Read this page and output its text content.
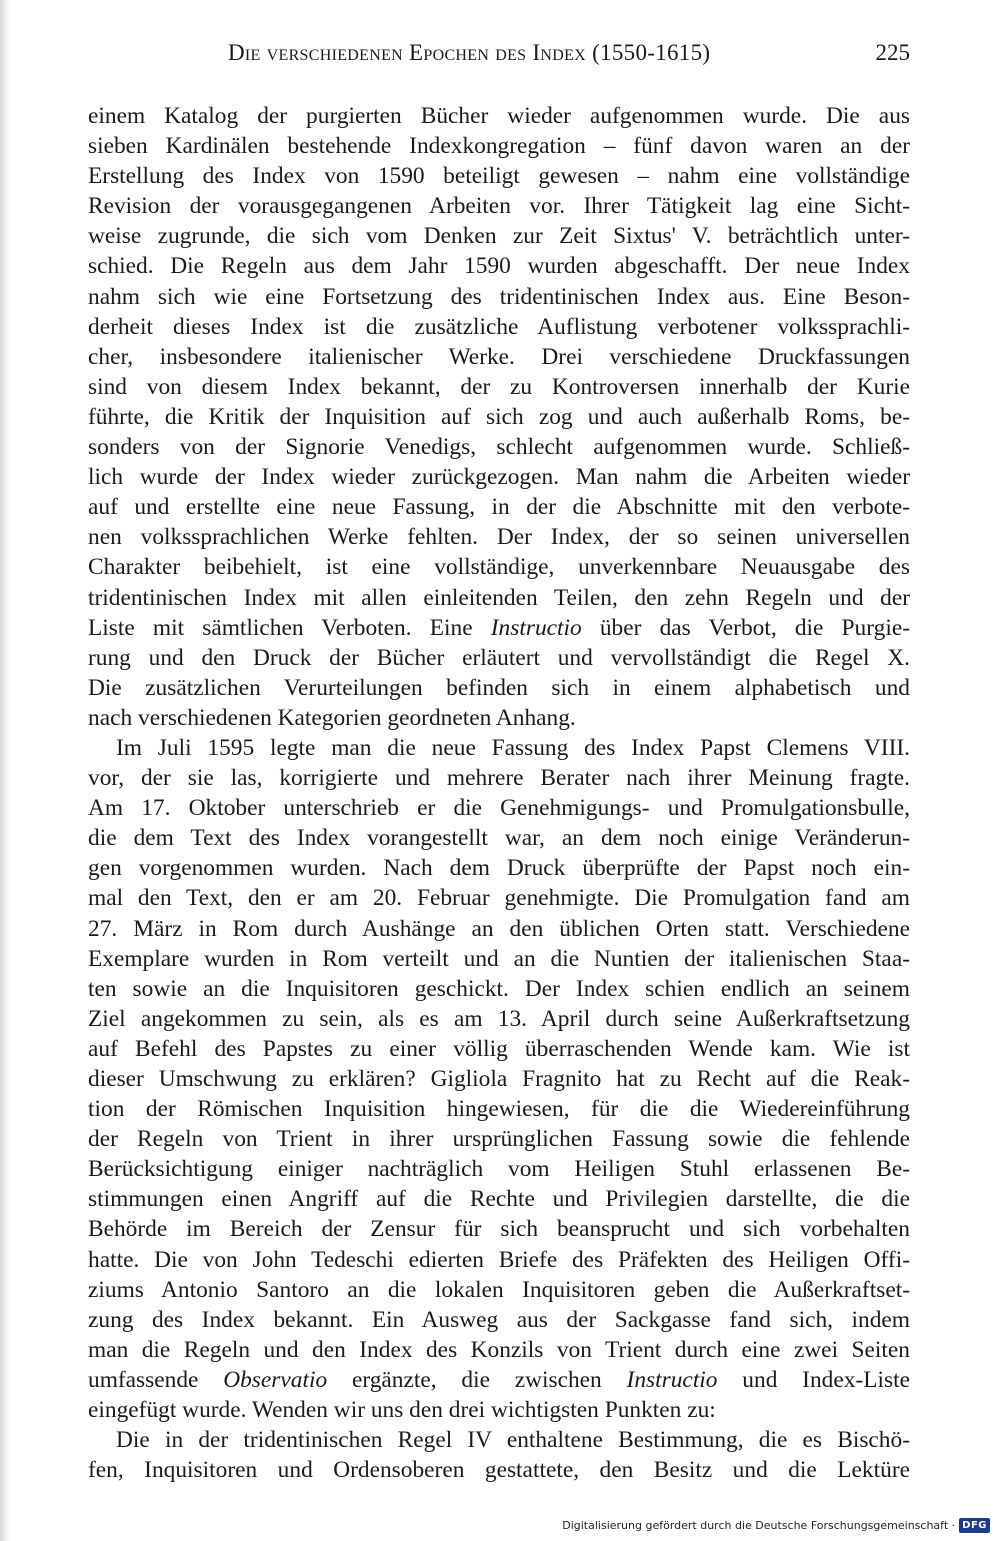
Die verschiedenen Epochen des Index (1550-1615)	225
einem Katalog der purgierten Bücher wieder aufgenommen wurde. Die aus
sieben Kardinälen bestehende Indexkongregation – fünf davon waren an der
Erstellung des Index von 1590 beteiligt gewesen – nahm eine vollständige
Revision der vorausgegangenen Arbeiten vor. Ihrer Tätigkeit lag eine Sicht-
weise zugrunde, die sich vom Denken zur Zeit Sixtus' V. beträchtlich unter-
schied. Die Regeln aus dem Jahr 1590 wurden abgeschafft. Der neue Index
nahm sich wie eine Fortsetzung des tridentinischen Index aus. Eine Beson-
derheit dieses Index ist die zusätzliche Auflistung verbotener volkssprachli-
cher, insbesondere italienischer Werke. Drei verschiedene Druckfassungen
sind von diesem Index bekannt, der zu Kontroversen innerhalb der Kurie
führte, die Kritik der Inquisition auf sich zog und auch außerhalb Roms, be-
sonders von der Signorie Venedigs, schlecht aufgenommen wurde. Schließ-
lich wurde der Index wieder zurückgezogen. Man nahm die Arbeiten wieder
auf und erstellte eine neue Fassung, in der die Abschnitte mit den verbote-
nen volkssprachlichen Werke fehlten. Der Index, der so seinen universellen
Charakter beibehielt, ist eine vollständige, unverkennbare Neuausgabe des
tridentinischen Index mit allen einleitenden Teilen, den zehn Regeln und der
Liste mit sämtlichen Verboten. Eine Instructio über das Verbot, die Purgie-
rung und den Druck der Bücher erläutert und vervollständigt die Regel X.
Die zusätzlichen Verurteilungen befinden sich in einem alphabetisch und
nach verschiedenen Kategorien geordneten Anhang.
Im Juli 1595 legte man die neue Fassung des Index Papst Clemens VIII.
vor, der sie las, korrigierte und mehrere Berater nach ihrer Meinung fragte.
Am 17. Oktober unterschrieb er die Genehmigungs- und Promulgationsbulle,
die dem Text des Index vorangestellt war, an dem noch einige Veränderun-
gen vorgenommen wurden. Nach dem Druck überprüfte der Papst noch ein-
mal den Text, den er am 20. Februar genehmigte. Die Promulgation fand am
27. März in Rom durch Aushänge an den üblichen Orten statt. Verschiedene
Exemplare wurden in Rom verteilt und an die Nuntien der italienischen Staa-
ten sowie an die Inquisitoren geschickt. Der Index schien endlich an seinem
Ziel angekommen zu sein, als es am 13. April durch seine Außerkraftsetzung
auf Befehl des Papstes zu einer völlig überraschenden Wende kam. Wie ist
dieser Umschwung zu erklären? Gigliola Fragnito hat zu Recht auf die Reak-
tion der Römischen Inquisition hingewiesen, für die die Wiedereinführung
der Regeln von Trient in ihrer ursprünglichen Fassung sowie die fehlende
Berücksichtigung einiger nachträglich vom Heiligen Stuhl erlassenen Be-
stimmungen einen Angriff auf die Rechte und Privilegien darstellte, die die
Behörde im Bereich der Zensur für sich beansprucht und sich vorbehalten
hatte. Die von John Tedeschi edierten Briefe des Präfekten des Heiligen Offi-
ziums Antonio Santoro an die lokalen Inquisitoren geben die Außerkraftset-
zung des Index bekannt. Ein Ausweg aus der Sackgasse fand sich, indem
man die Regeln und den Index des Konzils von Trient durch eine zwei Seiten
umfassende Observatio ergänzte, die zwischen Instructio und Index-Liste
eingefügt wurde. Wenden wir uns den drei wichtigsten Punkten zu:
Die in der tridentinischen Regel IV enthaltene Bestimmung, die es Bischö-
fen, Inquisitoren und Ordensoberen gestattete, den Besitz und die Lektüre
Digitalisierung gefördert durch die Deutsche Forschungsgemeinschaft · DFG
